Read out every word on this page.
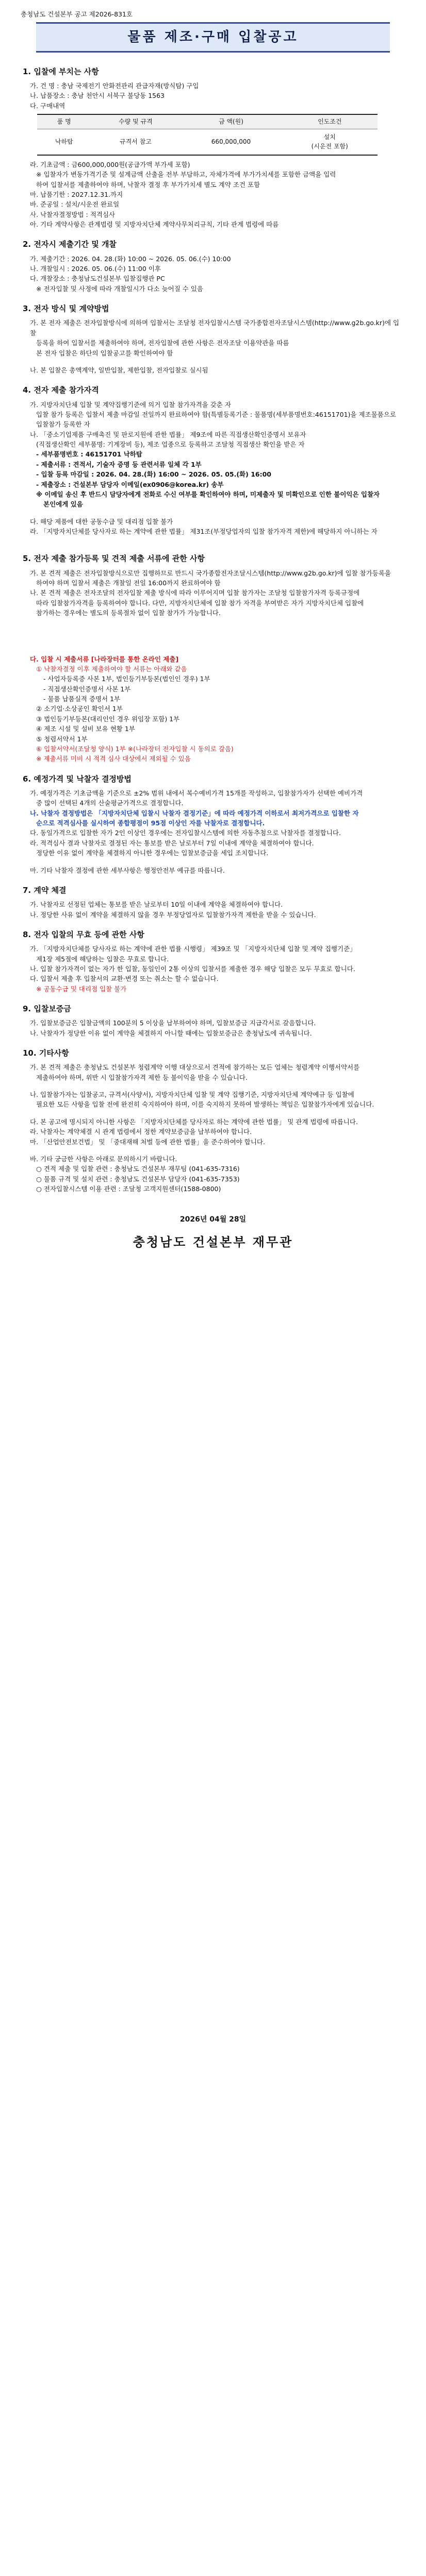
충청남도 건설본부 공고 제2026-831호
물품 제조·구매 입찰공고
1. 입찰에 부치는 사항

가. 건 명 : 충남 국제전기 안화전관리 관급자재(방식탐) 구입

나. 납품장소 : 충남 천안시 서북구 불당동 1563

다. 구매내역

품 명	수량 및 규격	금 액(원)	인도조건
낙하탑	규격서 참고	660,000,000	설치
(시운전 포함)

라. 기초금액 : 금600,000,000원(공급가액 부가세 포함)

※ 입찰자가 변동가격기준 및 설계금액 산출을 전부 부담하고, 자체가격에 부가가치세를 포함한 금액을 입력

하여 입찰서를 제출하여야 하며, 낙찰자 결정 후 부가가치세 별도 계약 조건 포함

마. 납품기한 : 2027.12.31.까지

바. 준공일 : 설치/시운전 완료일

사. 낙찰자결정방법 : 적격심사

아. 기타 계약사항은 관계법령 및 지방자치단체 계약사무처리규칙, 기타 관계 법령에 따름

2. 전자시 제출기간 및 개찰

가. 제출기간 : 2026. 04. 28.(화) 10:00 ~ 2026. 05. 06.(수) 10:00

나. 개찰일시 : 2026. 05. 06.(수) 11:00 이후

다. 개찰장소 : 충청남도건설본부 입찰집행관 PC

※ 전자입찰 및 사정에 따라 개찰일시가 다소 늦어질 수 있음

3. 전자 방식 및 계약방법

가. 본 전자 제출은 전자입찰방식에 의하며 입찰서는 조달청 전자입찰시스템 국가종합전자조달시스템(http://www.g2b.go.kr)에 입찰

등록을 하여 입찰서를 제출하여야 하며, 전자입찰에 관한 사항은 전자조달 이용약관을 따름

본 전자 입찰은 하단의 입찰공고를 확인하여야 함

나. 본 입찰은 총액계약, 일반입찰, 제한입찰, 전자입찰로 실시됨

4. 전자 제출 참가자격

가. 지방자치단체 입찰 및 계약집행기준에 의거 입찰 참가자격을 갖춘 자

입찰 참가 등록은 입찰서 제출 마감일 전일까지 완료하여야 함(특별등록기준 : 물품명(세부품명번호:46151701)을 제조물품으로

입찰참가 등록한 자

나. 「중소기업제품 구매촉진 및 판로지원에 관한 법률」 제9조에 따른 직접생산확인증명서 보유자

(직접생산확인 세부품명: 기계장비 등), 제조 업종으로 등록하고 조달청 직접생산 확인을 받은 자

- 세부품명번호 : 46151701 낙하탑

- 제출서류 : 견적서, 기술자 증명 등 관련서류 일체 각 1부

- 입찰 등록 마감일 : 2026. 04. 28.(화) 16:00 ~ 2026. 05. 05.(화) 16:00

- 제출장소 : 건설본부 담당자 이메일(ex0906@korea.kr) 송부

※ 이메일 송신 후 반드시 담당자에게 전화로 수신 여부를 확인하여야 하며, 미제출자 및 미확인으로 인한 불이익은 입찰자

본인에게 있음

다. 해당 제품에 대한 공동수급 및 대리점 입찰 불가

라. 「지방자치단체를 당사자로 하는 계약에 관한 법률」 제31조(부정당업자의 입찰 참가자격 제한)에 해당하지 아니하는 자

5. 전자 제출 참가등록 및 견적 제출 서류에 관한 사항

가. 본 견적 제출은 전자입찰방식으로만 집행하므로 반드시 국가종합전자조달시스템(http://www.g2b.go.kr)에 입찰 참가등록을

하여야 하며 입찰서 제출은 개찰일 전일 16:00까지 완료하여야 함

나. 본 견적 제출은 전자조달의 전자입찰 제출 방식에 따라 이루어지며 입찰 참가자는 조달청 입찰참가자격 등록규정에

따라 입찰참가자격을 등록하여야 합니다. 다만, 지방자치단체에 입찰 참가 자격을 부여받은 자가 지방자치단체 입찰에

참가하는 경우에는 별도의 등록절차 없이 입찰 참가가 가능합니다.

다. 입찰 시 제출서류 [나라장터를 통한 온라인 제출]

① 낙찰자결정 이후 제출하여야 할 서류는 아래와 같음

- 사업자등록증 사본 1부, 법인등기부등본(법인인 경우) 1부

- 직접생산확인증명서 사본 1부

- 물품 납품실적 증명서 1부

② 소기업·소상공인 확인서 1부

③ 법인등기부등본(대리인인 경우 위임장 포함) 1부

④ 제조 시설 및 설비 보유 현황 1부

⑤ 청렴서약서 1부

⑥ 입찰서약서(조달청 양식) 1부 ※(나라장터 전자입찰 시 동의로 갈음)

※ 제출서류 미비 시 적격 심사 대상에서 제외될 수 있음

6. 예정가격 및 낙찰자 결정방법

가. 예정가격은 기초금액을 기준으로 ±2% 범위 내에서 복수예비가격 15개를 작성하고, 입찰참가자가 선택한 예비가격

중 많이 선택된 4개의 산술평균가격으로 결정합니다.

나. 낙찰자 결정방법은 「지방자치단체 입찰시 낙찰자 결정기준」에 따라 예정가격 이하로서 최저가격으로 입찰한 자

순으로 적격심사를 실시하여 종합평점이 95점 이상인 자를 낙찰자로 결정합니다.

다. 동일가격으로 입찰한 자가 2인 이상인 경우에는 전자입찰시스템에 의한 자동추첨으로 낙찰자를 결정합니다.

라. 적격심사 결과 낙찰자로 결정된 자는 통보를 받은 날로부터 7일 이내에 계약을 체결하여야 합니다.

정당한 이유 없이 계약을 체결하지 아니한 경우에는 입찰보증금을 세입 조치합니다.

마. 기타 낙찰자 결정에 관한 세부사항은 행정안전부 예규를 따릅니다.

7. 계약 체결

가. 낙찰자로 선정된 업체는 통보를 받은 날로부터 10일 이내에 계약을 체결하여야 합니다.

나. 정당한 사유 없이 계약을 체결하지 않을 경우 부정당업자로 입찰참가자격 제한을 받을 수 있습니다.

8. 전자 입찰의 무효 등에 관한 사항

가. 「지방자치단체를 당사자로 하는 계약에 관한 법률 시행령」 제39조 및 「지방자치단체 입찰 및 계약 집행기준」

제1장 제5절에 해당하는 입찰은 무효로 합니다.

나. 입찰 참가자격이 없는 자가 한 입찰, 동일인이 2통 이상의 입찰서를 제출한 경우 해당 입찰은 모두 무효로 합니다.

다. 입찰서 제출 후 입찰서의 교환·변경 또는 취소는 할 수 없습니다.

※ 공동수급 및 대리점 입찰 불가

9. 입찰보증금

가. 입찰보증금은 입찰금액의 100분의 5 이상을 납부하여야 하며, 입찰보증금 지급각서로 갈음합니다.

나. 낙찰자가 정당한 이유 없이 계약을 체결하지 아니할 때에는 입찰보증금은 충청남도에 귀속됩니다.

10. 기타사항

가. 본 견적 제출은 충청남도 건설본부 청렴계약 이행 대상으로서 견적에 참가하는 모든 업체는 청렴계약 이행서약서를

제출하여야 하며, 위반 시 입찰참가자격 제한 등 불이익을 받을 수 있습니다.

나. 입찰참가자는 입찰공고, 규격서(사양서), 지방자치단체 입찰 및 계약 집행기준, 지방자치단체 계약예규 등 입찰에

필요한 모든 사항을 입찰 전에 완전히 숙지하여야 하며, 이를 숙지하지 못하여 발생하는 책임은 입찰참가자에게 있습니다.

다. 본 공고에 명시되지 아니한 사항은 「지방자치단체를 당사자로 하는 계약에 관한 법률」 및 관계 법령에 따릅니다.

라. 낙찰자는 계약체결 시 관계 법령에서 정한 계약보증금을 납부하여야 합니다.

마. 「산업안전보건법」 및 「중대재해 처벌 등에 관한 법률」을 준수하여야 합니다.

바. 기타 궁금한 사항은 아래로 문의하시기 바랍니다.

○ 견적 제출 및 입찰 관련 : 충청남도 건설본부 재무팀 (041-635-7316)

○ 물품 규격 및 설치 관련 : 충청남도 건설본부 담당자 (041-635-7353)

○ 전자입찰시스템 이용 관련 : 조달청 고객지원센터(1588-0800)

2026년 04월 28일
충청남도 건설본부 재무관
